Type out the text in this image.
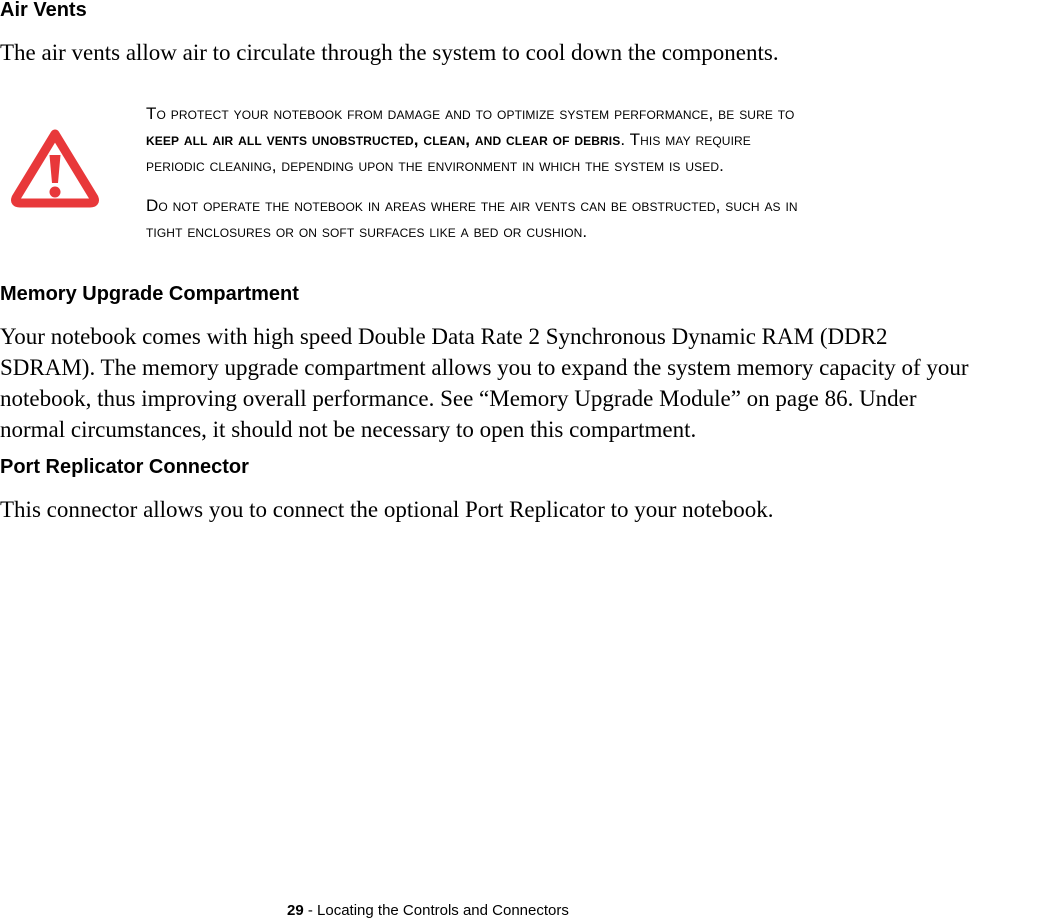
Air Vents

The air vents allow air to circulate through the system to cool down the components.

To protect your notebook from damage and to optimize system performance, be sure to
keep all air all vents unobstructed, clean, and clear of debris. This may require
periodic cleaning, depending upon the environment in which the system is used.

Do not operate the notebook in areas where the air vents can be obstructed, such as in
tight enclosures or on soft surfaces like a bed or cushion.

Memory Upgrade Compartment

Your notebook comes with high speed Double Data Rate 2 Synchronous Dynamic RAM (DDR2
SDRAM). The memory upgrade compartment allows you to expand the system memory capacity of your
notebook, thus improving overall performance. See “Memory Upgrade Module” on page 86. Under
normal circumstances, it should not be necessary to open this compartment.

Port Replicator Connector

This connector allows you to connect the optional Port Replicator to your notebook.

29 - Locating the Controls and Connectors
